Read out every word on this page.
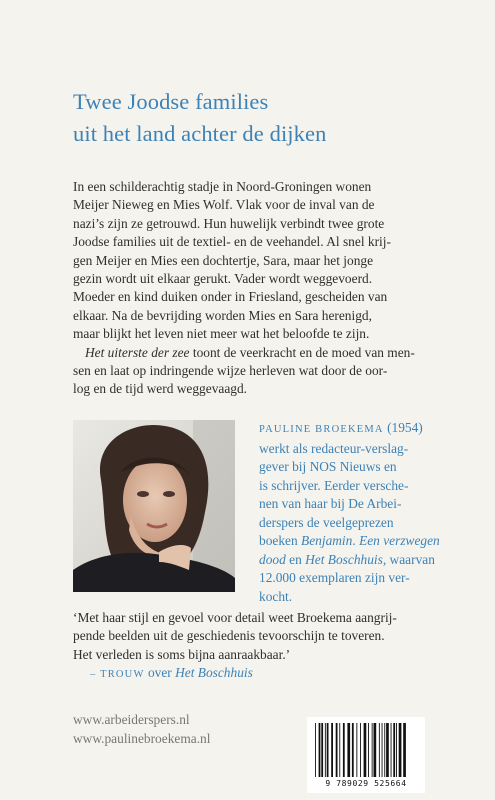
Twee Joodse families
uit het land achter de dijken
In een schilderachtig stadje in Noord-Groningen wonen
Meijer Nieweg en Mies Wolf. Vlak voor de inval van de
nazi’s zijn ze getrouwd. Hun huwelijk verbindt twee grote
Joodse families uit de textiel- en de veehandel. Al snel krij-
gen Meijer en Mies een dochtertje, Sara, maar het jonge
gezin wordt uit elkaar gerukt. Vader wordt weggevoerd.
Moeder en kind duiken onder in Friesland, gescheiden van
elkaar. Na de bevrijding worden Mies en Sara herenigd,
maar blijkt het leven niet meer wat het beloofde te zijn.
Het uiterste der zee toont de veerkracht en de moed van men-
sen en laat op indringende wijze herleven wat door de oor-
log en de tijd werd weggevaagd.
PAULINE BROEKEMA (1954)
werkt als redacteur-verslag-
gever bij NOS Nieuws en
is schrijver. Eerder versche-
nen van haar bij De Arbei-
derspers de veelgeprezen
boeken Benjamin. Een verzwegen
dood en Het Boschhuis, waarvan
12.000 exemplaren zijn ver-
kocht.
‘Met haar stijl en gevoel voor detail weet Broekema aangrij-
pende beelden uit de geschiedenis tevoorschijn te toveren.
Het verleden is soms bijna aanraakbaar.’
– TROUW over Het Boschhuis
www.arbeiderspers.nl
www.paulinebroekema.nl
9 789029 525664
